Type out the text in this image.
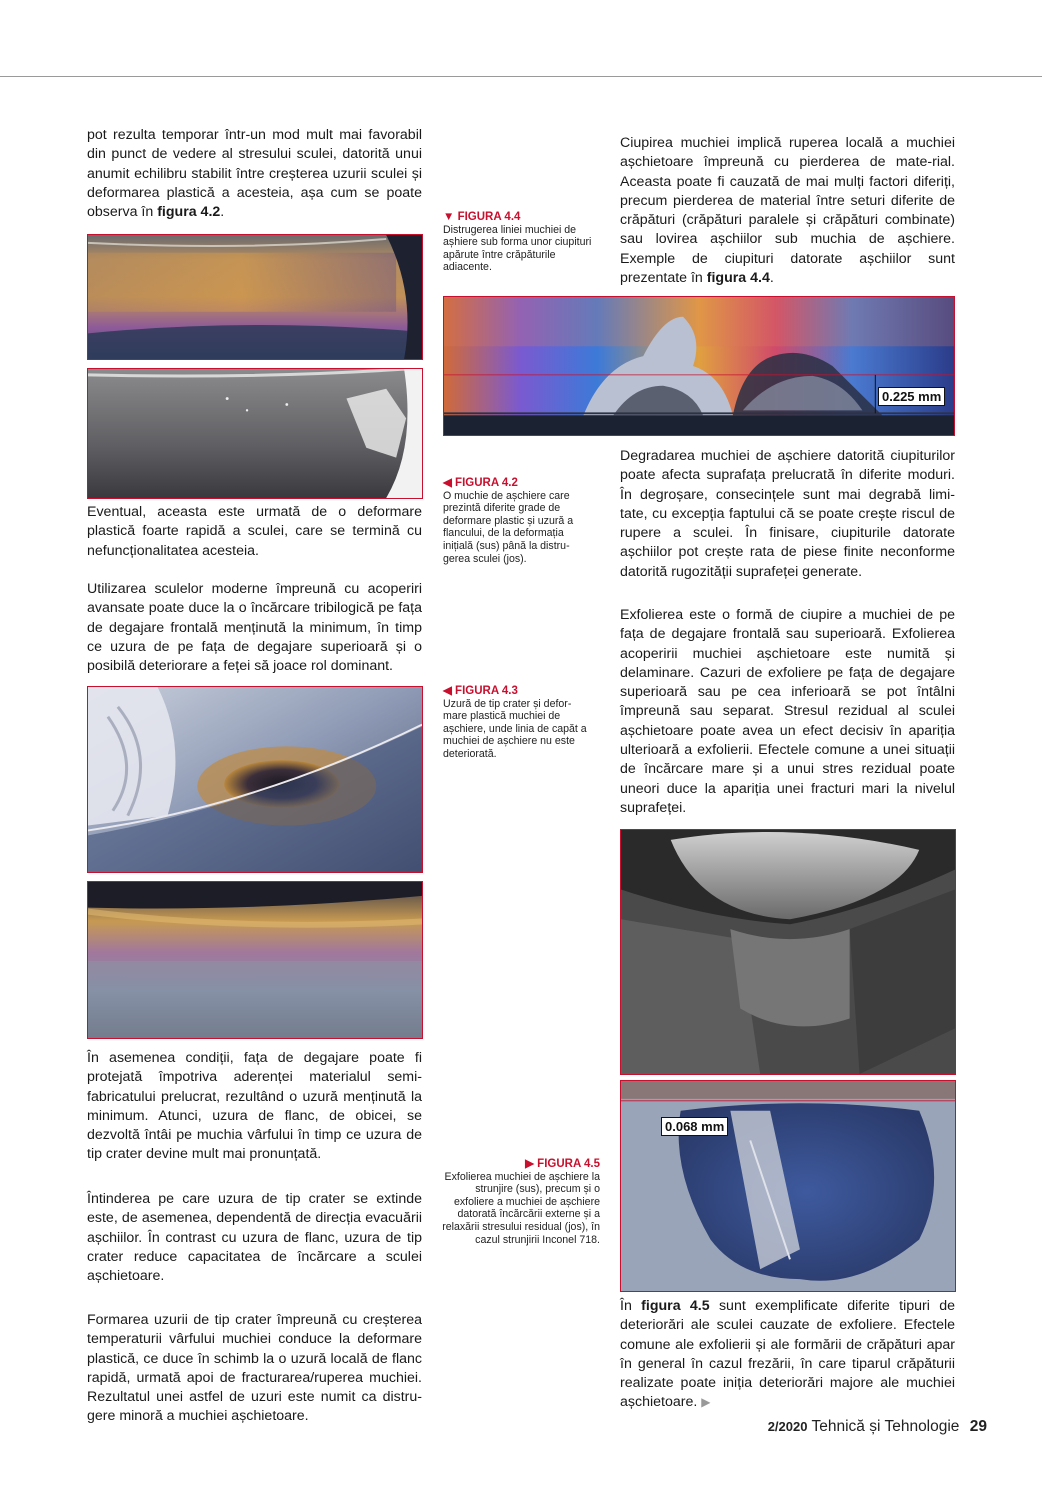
pot rezulta temporar într-un mod mult mai favorabil din punct de vedere al stresului sculei, datorită unui anumit echilibru stabilit între creșterea uzurii sculei și deformarea plastică a acesteia, așa cum se poate observa în figura 4.2.

Eventual, aceasta este urmată de o deformare plastică foarte rapidă a sculei, care se termină cu nefuncționalitatea acesteia.

Utilizarea sculelor moderne împreună cu acoperiri avansate poate duce la o încărcare tribilogică pe fața de degajare frontală menținută la minimum, în timp ce uzura de pe fața de degajare superioară și o posibilă deteriorare a feței să joace rol dominant.

În asemenea condiții, fața de degajare poate fi protejată împotriva aderenței materialul semi-fabricatului prelucrat, rezultând o uzură menținută la minimum. Atunci, uzura de flanc, de obicei, se dezvoltă întâi pe muchia vârfului în timp ce uzura de tip crater devine mult mai pronunțată.

Întinderea pe care uzura de tip crater se extinde este, de asemenea, dependentă de direcția evacuării așchiilor. În contrast cu uzura de flanc, uzura de tip crater reduce capacitatea de încărcare a sculei așchietoare.

Formarea uzurii de tip crater împreună cu creșterea temperaturii vârfului muchiei conduce la deformare plastică, ce duce în schimb la o uzură locală de flanc rapidă, urmată apoi de fracturarea/ruperea muchiei. Rezultatul unei astfel de uzuri este numit ca distru-gere minoră a muchiei așchietoare.

▼ FIGURA 4.4
Distrugerea liniei muchiei de așhiere sub forma unor ciupituri apărute între crăpăturile adiacente.
◀ FIGURA 4.2
O muchie de așchiere care prezintă diferite grade de deformare plastic și uzură a flancului, de la deformația inițială (sus) până la distru-gerea sculei (jos).
◀ FIGURA 4.3
Uzură de tip crater și defor-mare plastică muchiei de așchiere, unde linia de capăt a muchiei de așchiere nu este deteriorată.
▶ FIGURA 4.5
Exfolierea muchiei de așchiere la strunjire (sus), precum și o exfoliere a muchiei de așchiere datorată încărcării externe și a relaxării stresului residual (jos), în cazul strunjirii Inconel 718.
0.225 mm

Ciupirea muchiei implică ruperea locală a muchiei așchietoare împreună cu pierderea de mate-rial. Aceasta poate fi cauzată de mai mulți factori diferiți, precum pierderea de material între seturi diferite de crăpături (crăpături paralele și crăpături combinate) sau lovirea așchiilor sub muchia de așchiere. Exemple de ciupituri datorate așchiilor sunt prezentate în figura 4.4.

Degradarea muchiei de așchiere datorită ciupiturilor poate afecta suprafața prelucrată în diferite moduri. În degroșare, consecințele sunt mai degrabă limi-tate, cu excepția faptului că se poate crește riscul de rupere a sculei. În finisare, ciupiturile datorate așchiilor pot crește rata de piese finite neconforme datorită rugozității suprafeței generate.

Exfolierea este o formă de ciupire a muchiei de pe fața de degajare frontală sau superioară. Exfolierea acoperirii muchiei așchietoare este numită și delaminare. Cazuri de exfoliere pe fața de degajare superioară sau pe cea inferioară se pot întâlni împreună sau separat. Stresul rezidual al sculei așchietoare poate avea un efect decisiv în apariția ulterioară a exfolierii. Efectele comune a unei situații de încărcare mare și a unui stres rezidual poate uneori duce la apariția unei fracturi mari la nivelul suprafeței.

0.068 mm

În figura 4.5 sunt exemplificate diferite tipuri de deteriorări ale sculei cauzate de exfoliere. Efectele comune ale exfolierii și ale formării de crăpături apar în general în cazul frezării, în care tiparul crăpăturii realizate poate iniția deteriorări majore ale muchiei așchietoare. ▶

2/2020 Tehnică și Tehnologie 29
